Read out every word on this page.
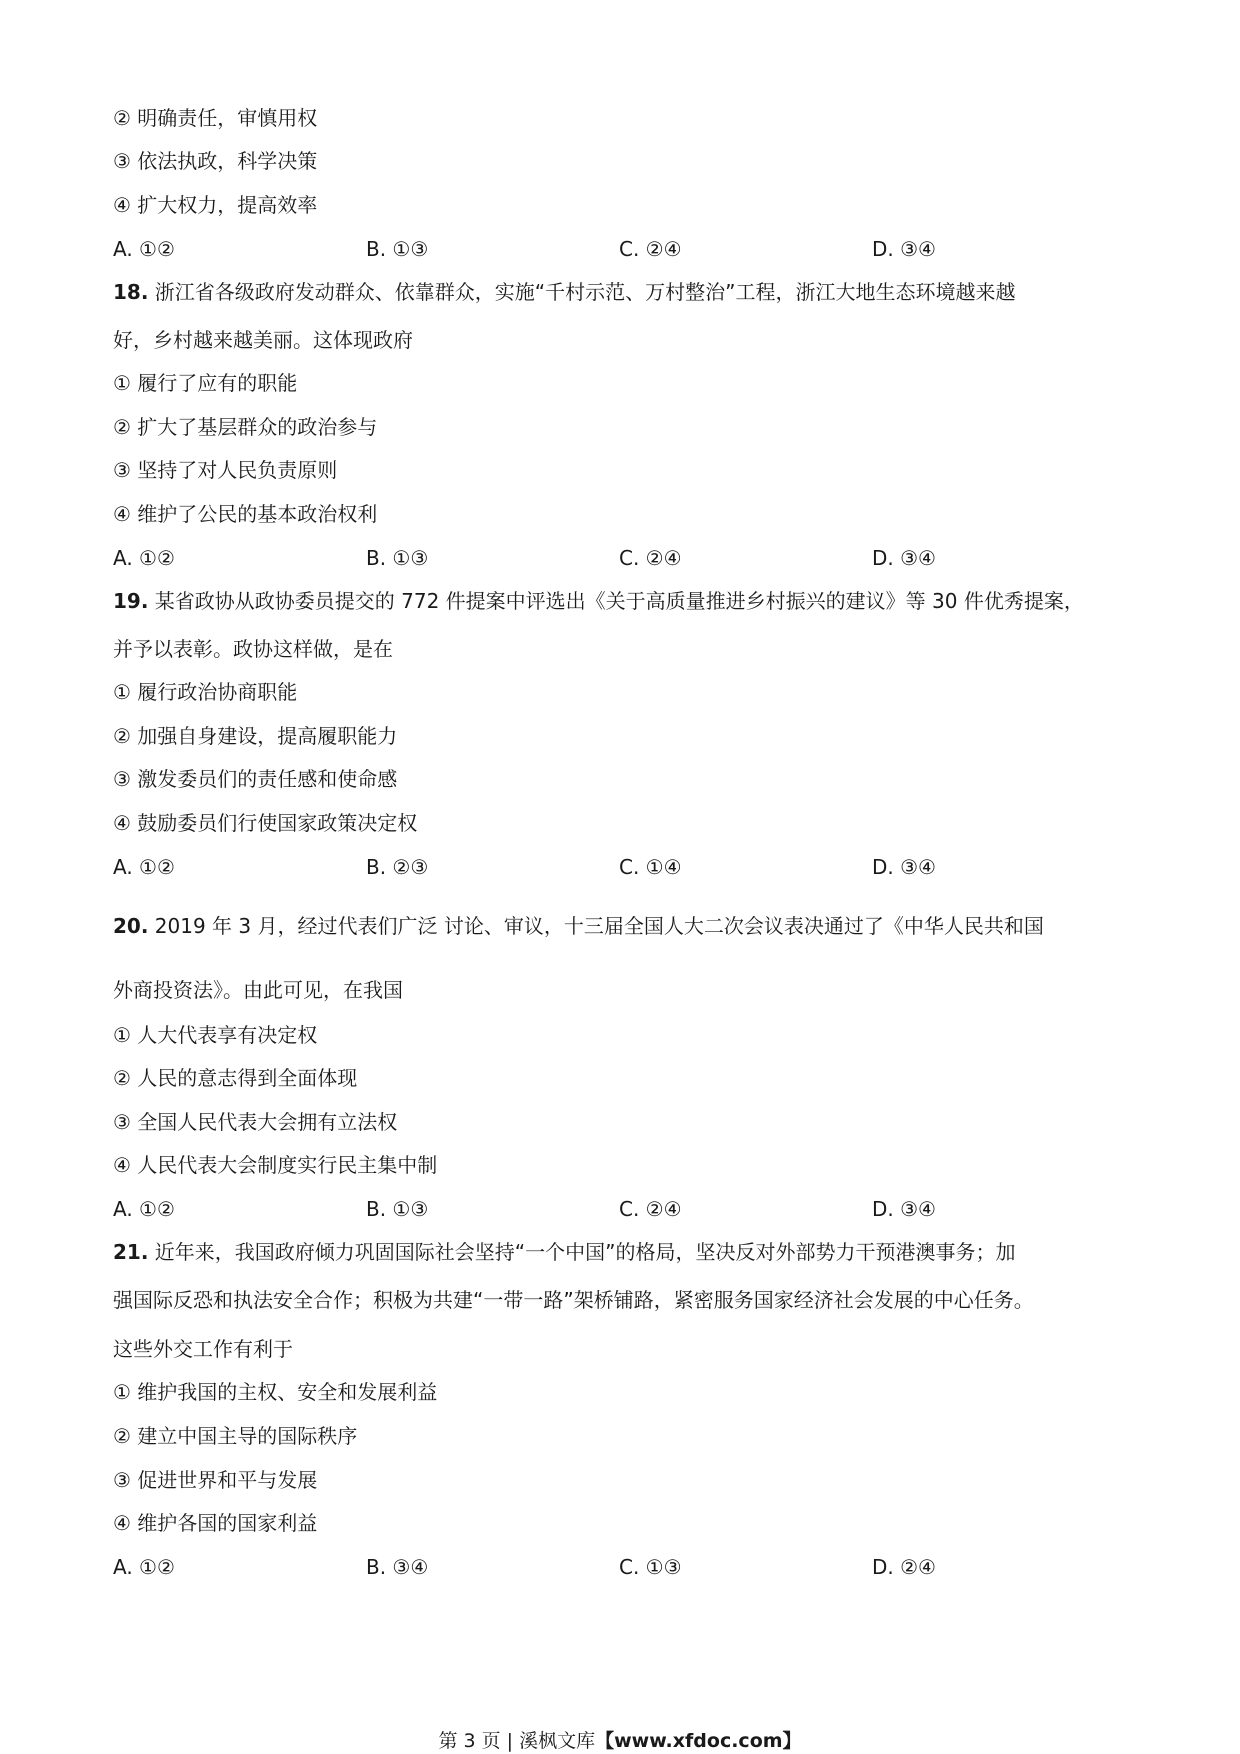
② 明确责任，审慎用权
③ 依法执政，科学决策
④ 扩大权力，提高效率
A. ①②	B. ①③	C. ②④	D. ③④
18. 浙江省各级政府发动群众、依靠群众，实施“千村示范、万村整治”工程，浙江大地生态环境越来越
好，乡村越来越美丽。这体现政府
① 履行了应有的职能
② 扩大了基层群众的政治参与
③ 坚持了对人民负责原则
④ 维护了公民的基本政治权利
A. ①②	B. ①③	C. ②④	D. ③④
19. 某省政协从政协委员提交的 772 件提案中评选出《关于高质量推进乡村振兴的建议》等 30 件优秀提案，
并予以表彰。政协这样做，是在
① 履行政治协商职能
② 加强自身建设，提高履职能力
③ 激发委员们的责任感和使命感
④ 鼓励委员们行使国家政策决定权
A. ①②	B. ②③	C. ①④	D. ③④
20. 2019 年 3 月，经过代表们广泛 讨论、审议，十三届全国人大二次会议表决通过了《中华人民共和国
外商投资法》。由此可见，在我国
① 人大代表享有决定权
② 人民的意志得到全面体现
③ 全国人民代表大会拥有立法权
④ 人民代表大会制度实行民主集中制
A. ①②	B. ①③	C. ②④	D. ③④
21. 近年来，我国政府倾力巩固国际社会坚持“一个中国”的格局，坚决反对外部势力干预港澳事务；加
强国际反恐和执法安全合作；积极为共建“一带一路”架桥铺路，紧密服务国家经济社会发展的中心任务。
这些外交工作有利于
① 维护我国的主权、安全和发展利益
② 建立中国主导的国际秩序
③ 促进世界和平与发展
④ 维护各国的国家利益
A. ①②	B. ③④	C. ①③	D. ②④
第 3 页 | 溪枫文库【www.xfdoc.com】
